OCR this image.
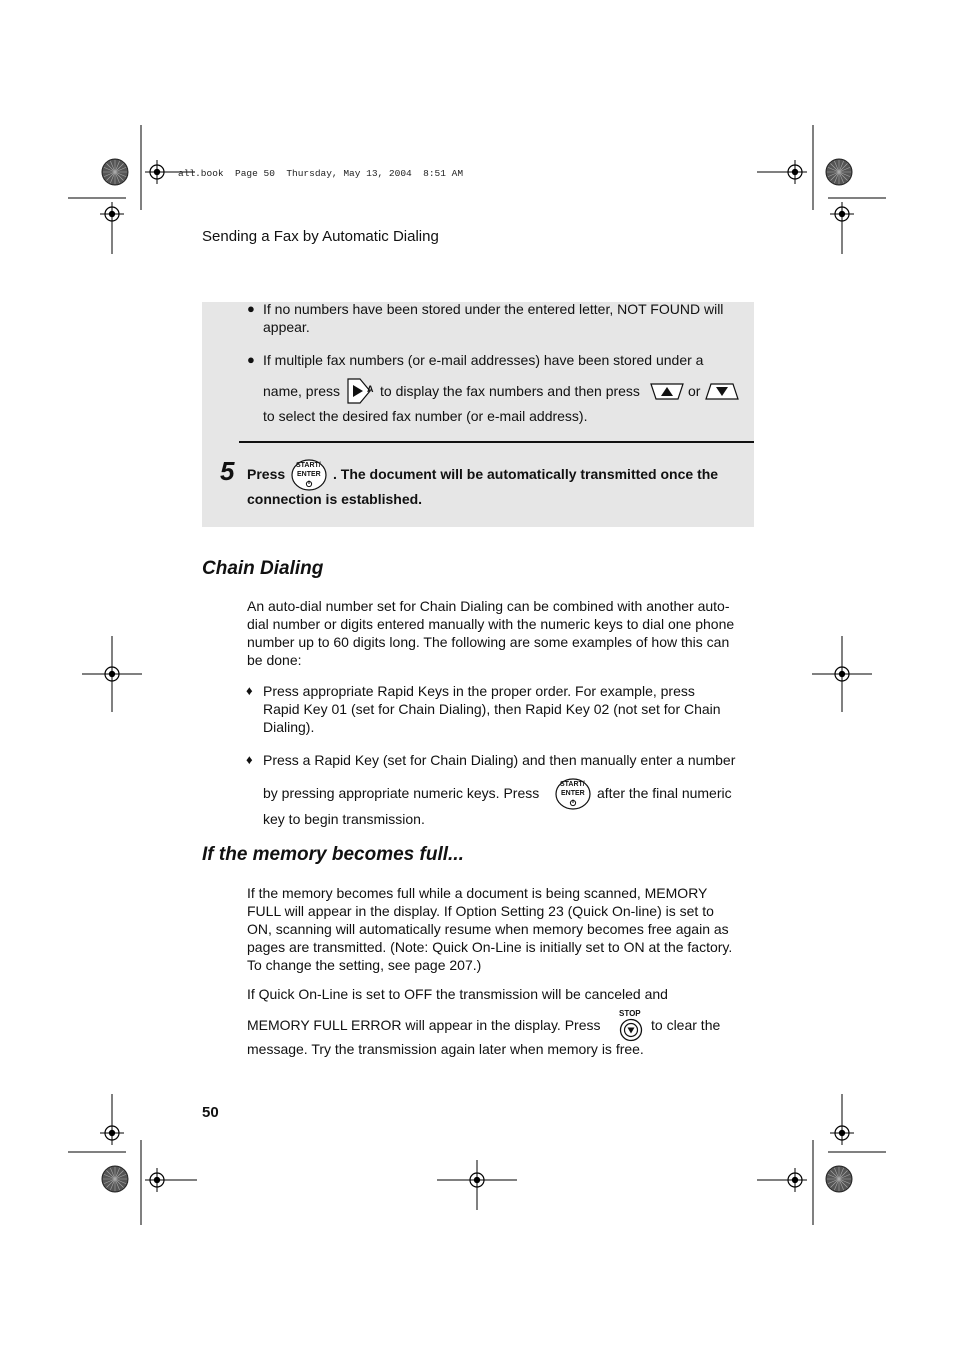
all.book  Page 50  Thursday, May 13, 2004  8:51 AM
Sending a Fax by Automatic Dialing
● If no numbers have been stored under the entered letter, NOT FOUND will
appear.
● If multiple fax numbers (or e-mail addresses) have been stored under a
name, press	A to display the fax numbers and then press	or
to select the desired fax number (or e-mail address).
5 Press
START/
ENTER . The document will be automatically transmitted once the
connection is established.
Chain Dialing
An auto-dial number set for Chain Dialing can be combined with another auto-
dial number or digits entered manually with the numeric keys to dial one phone
number up to 60 digits long. The following are some examples of how this can
be done:
♦ Press appropriate Rapid Keys in the proper order. For example, press
Rapid Key 01 (set for Chain Dialing), then Rapid Key 02 (not set for Chain
Dialing).
♦ Press a Rapid Key (set for Chain Dialing) and then manually enter a number
by pressing appropriate numeric keys. Press
START/
ENTER after the final numeric
key to begin transmission.
If the memory becomes full...
If the memory becomes full while a document is being scanned, MEMORY
FULL will appear in the display. If Option Setting 23 (Quick On-line) is set to
ON, scanning will automatically resume when memory becomes free again as
pages are transmitted. (Note: Quick On-Line is initially set to ON at the factory.
To change the setting, see page 207.)
If Quick On-Line is set to OFF the transmission will be canceled and
MEMORY FULL ERROR will appear in the display. Press
STOP
to clear the
message. Try the transmission again later when memory is free.
50
